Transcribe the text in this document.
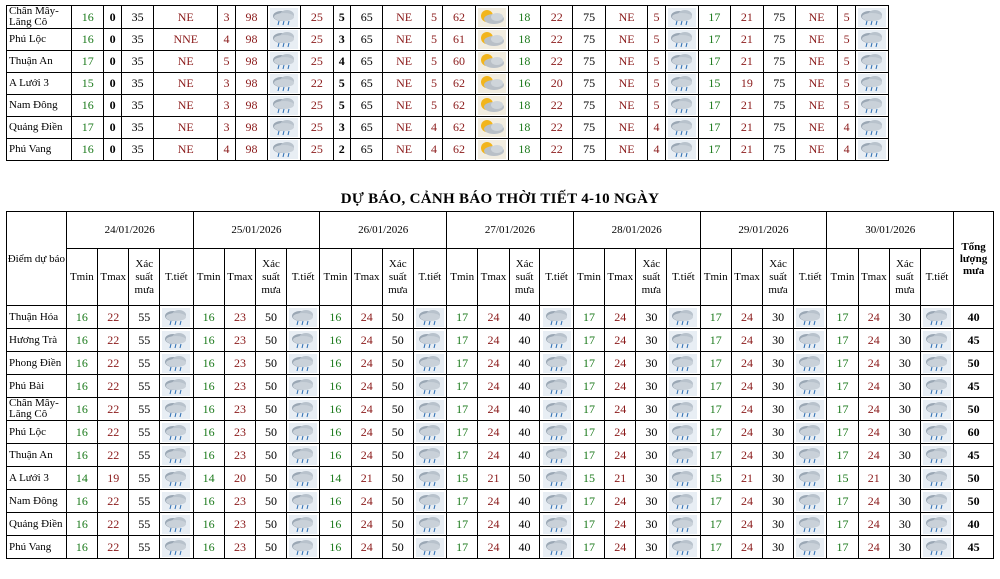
Chân Mây-Lăng Cô	16	0	35	NE	3	98		25	5	65	NE	5	62		18	22	75	NE	5		17	21	75	NE	5	

Phú Lộc	16	0	35	NNE	4	98		25	3	65	NE	5	61		18	22	75	NE	5		17	21	75	NE	5	

Thuận An	17	0	35	NE	5	98		25	4	65	NE	5	60		18	22	75	NE	5		17	21	75	NE	5	

A Lưới 3	15	0	35	NE	3	98		22	5	65	NE	5	62		16	20	75	NE	5		15	19	75	NE	5	

Nam Đông	16	0	35	NE	3	98		25	5	65	NE	5	62		18	22	75	NE	5		17	21	75	NE	5	

Quảng Điền	17	0	35	NE	3	98		25	3	65	NE	4	62		18	22	75	NE	4		17	21	75	NE	4	

Phú Vang	16	0	35	NE	4	98		25	2	65	NE	4	62		18	22	75	NE	4		17	21	75	NE	4	
DỰ BÁO, CẢNH BÁO THỜI TIẾT 4-10 NGÀY
Điểm dự báo	24/01/2026				25/01/2026				26/01/2026				27/01/2026				28/01/2026				29/01/2026				30/01/2026				Tổng lượng mưa
	Tmin	Tmax	Xác suất mưa	T.tiết	Tmin	Tmax	Xác suất mưa	T.tiết	Tmin	Tmax	Xác suất mưa	T.tiết	Tmin	Tmax	Xác suất mưa	T.tiết	Tmin	Tmax	Xác suất mưa	T.tiết	Tmin	Tmax	Xác suất mưa	T.tiết	Tmin	Tmax	Xác suất mưa	T.tiết	
Thuận Hóa	16	22	55		16	23	50		16	24	50		17	24	40		17	24	30		17	24	30		17	24	30		40
Hương Trà	16	22	55		16	23	50		16	24	50		17	24	40		17	24	30		17	24	30		17	24	30		45
Phong Điền	16	22	55		16	23	50		16	24	50		17	24	40		17	24	30		17	24	30		17	24	30		50
Phú Bài	16	22	55		16	23	50		16	24	50		17	24	40		17	24	30		17	24	30		17	24	30		45
Chân Mây-Lăng Cô	16	22	55		16	23	50		16	24	50		17	24	40		17	24	30		17	24	30		17	24	30		50
Phú Lộc	16	22	55		16	23	50		16	24	50		17	24	40		17	24	30		17	24	30		17	24	30		60
Thuận An	16	22	55		16	23	50		16	24	50		17	24	40		17	24	30		17	24	30		17	24	30		45
A Lưới 3	14	19	55		14	20	50		14	21	50		15	21	50		15	21	30		15	21	30		15	21	30		50
Nam Đông	16	22	55		16	23	50		16	24	50		17	24	40		17	24	30		17	24	30		17	24	30		50
Quảng Điền	16	22	55		16	23	50		16	24	50		17	24	40		17	24	30		17	24	30		17	24	30		40
Phú Vang	16	22	55		16	23	50		16	24	50		17	24	40		17	24	30		17	24	30		17	24	30		45
